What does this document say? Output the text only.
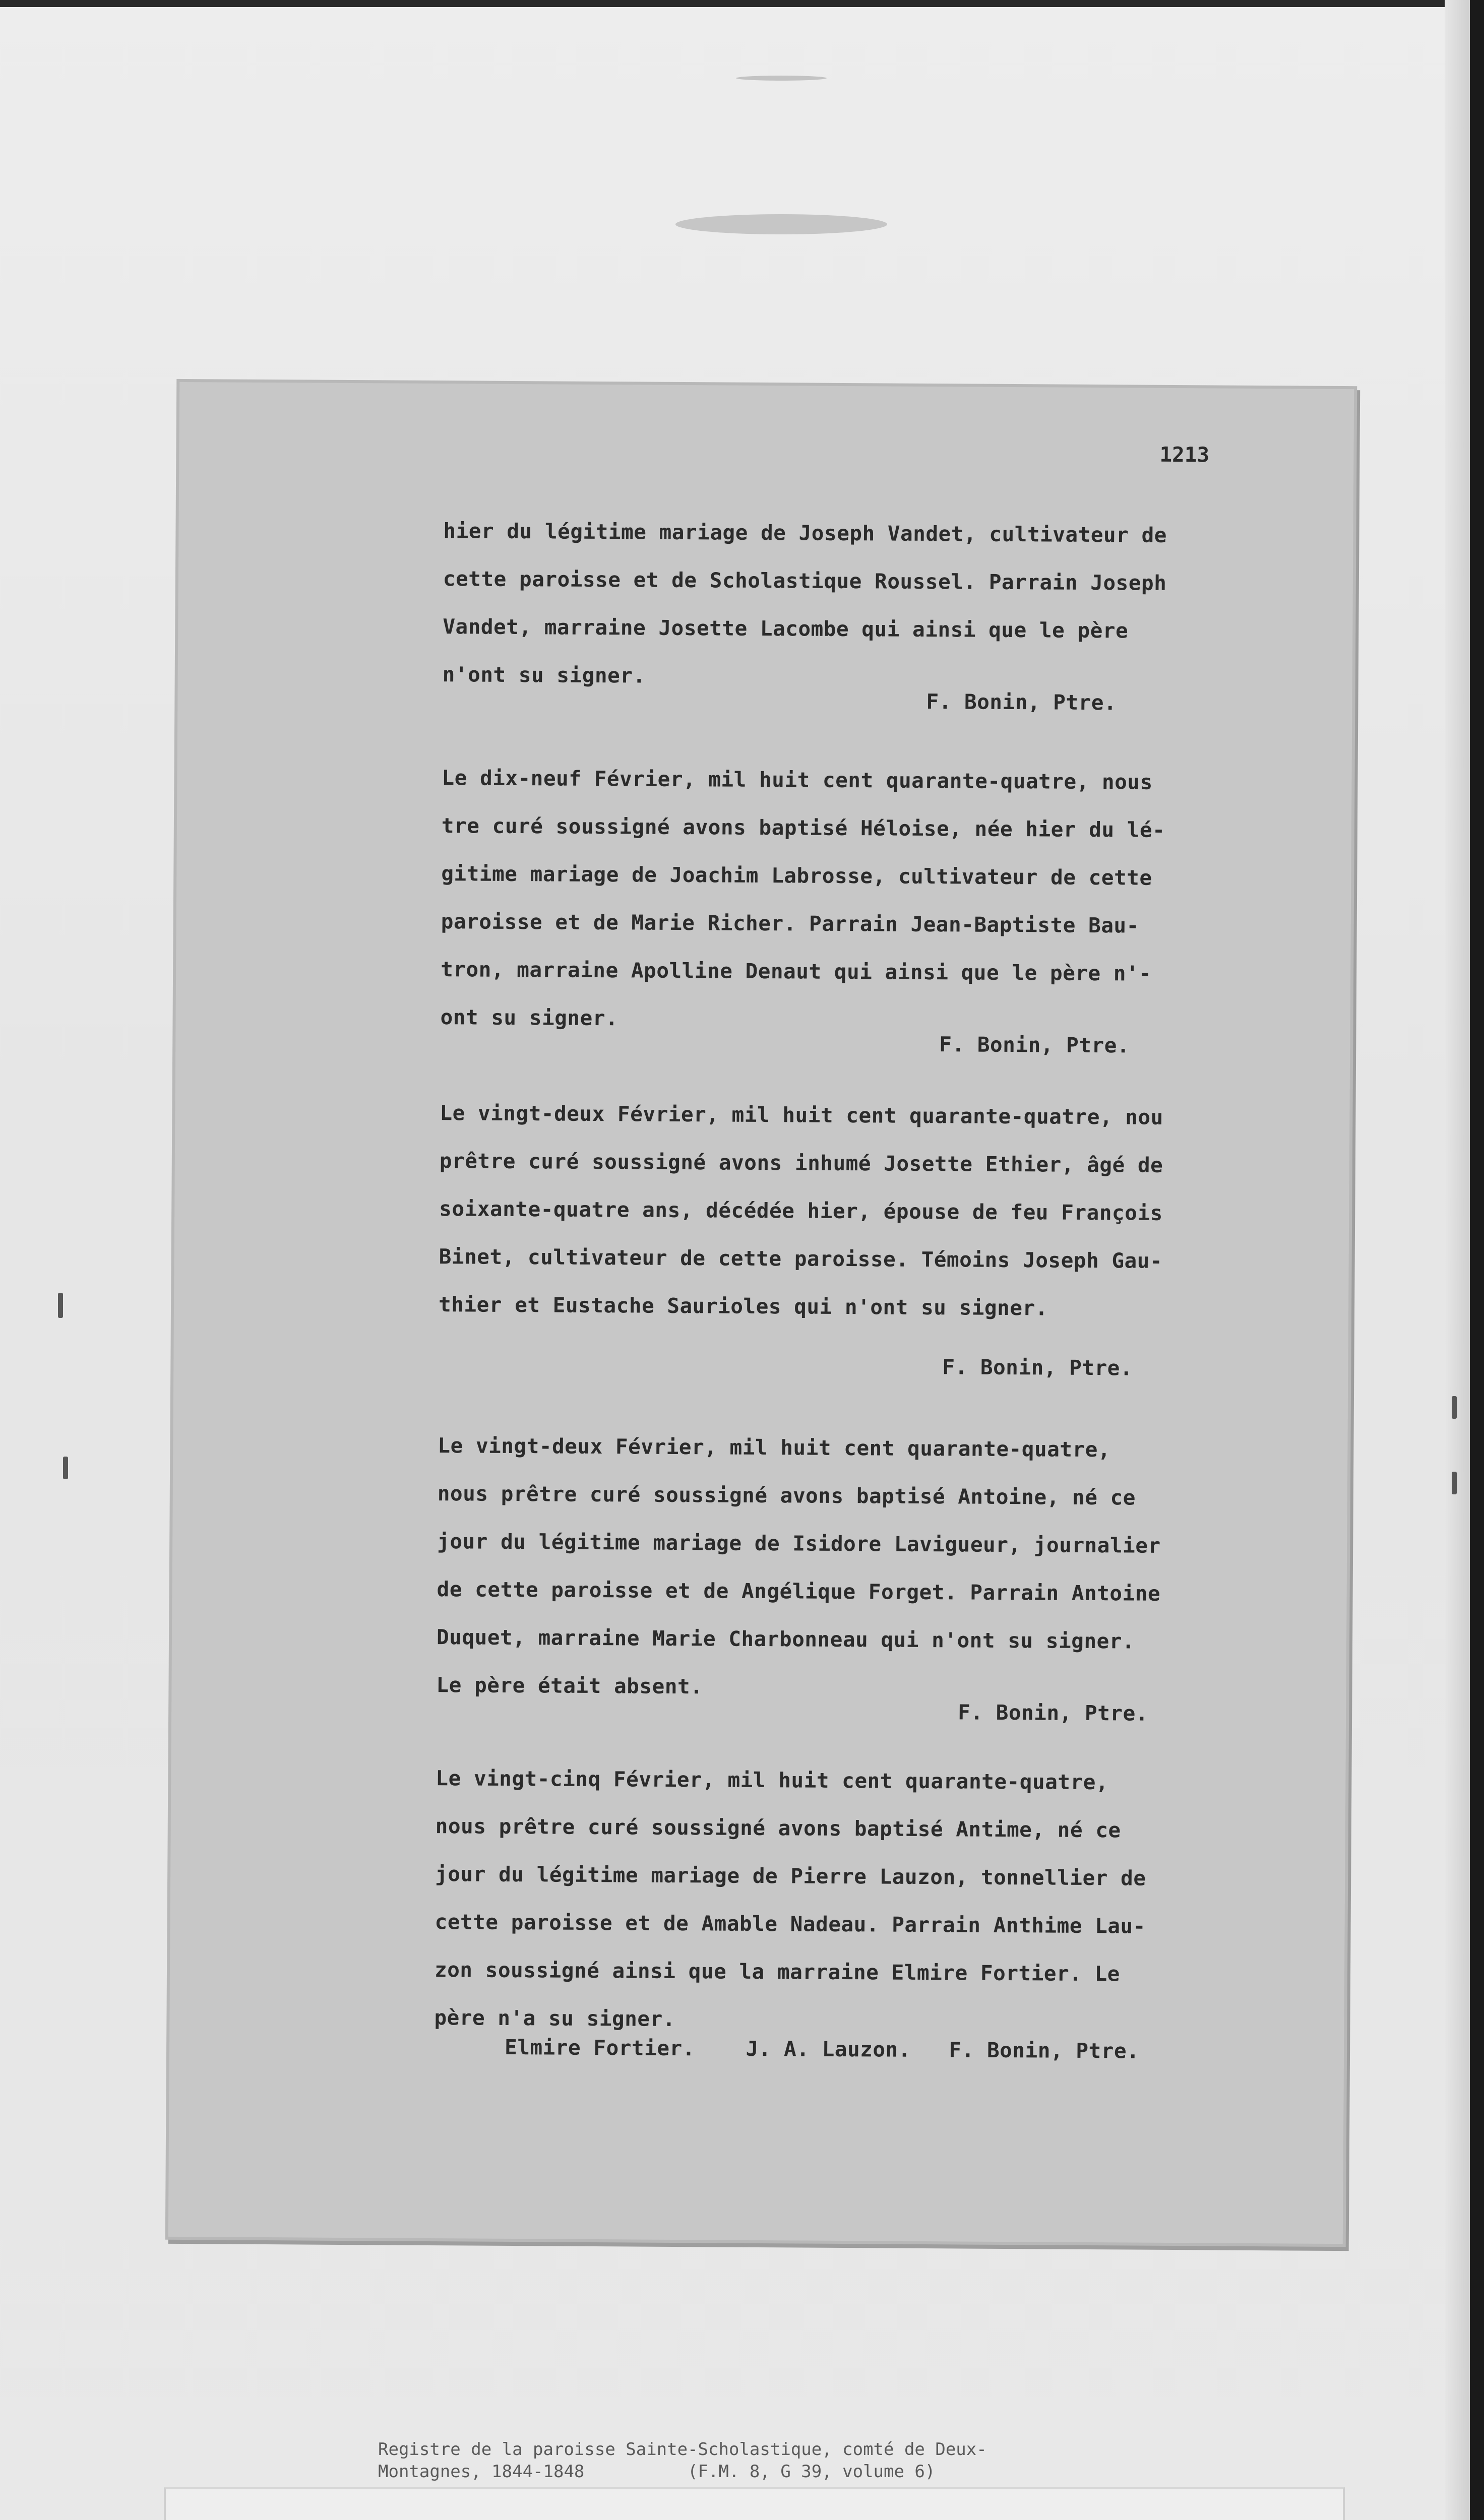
1213
hier du légitime mariage de Joseph Vandet, cultivateur de
cette paroisse et de Scholastique Roussel. Parrain Joseph
Vandet, marraine Josette Lacombe qui ainsi que le père
n'ont su signer.
F. Bonin, Ptre.
Le dix-neuf Février, mil huit cent quarante-quatre, nous
tre curé soussigné avons baptisé Héloise, née hier du lé-
gitime mariage de Joachim Labrosse, cultivateur de cette
paroisse et de Marie Richer. Parrain Jean-Baptiste Bau-
tron, marraine Apolline Denaut qui ainsi que le père n'-
ont su signer.
F. Bonin, Ptre.
Le vingt-deux Février, mil huit cent quarante-quatre, nou
prêtre curé soussigné avons inhumé Josette Ethier, âgé de
soixante-quatre ans, décédée hier, épouse de feu François
Binet, cultivateur de cette paroisse. Témoins Joseph Gau-
thier et Eustache Saurioles qui n'ont su signer.
F. Bonin, Ptre.
Le vingt-deux Février, mil huit cent quarante-quatre,
nous prêtre curé soussigné avons baptisé Antoine, né ce
jour du légitime mariage de Isidore Lavigueur, journalier
de cette paroisse et de Angélique Forget. Parrain Antoine
Duquet, marraine Marie Charbonneau qui n'ont su signer.
Le père était absent.
F. Bonin, Ptre.
Le vingt-cinq Février, mil huit cent quarante-quatre,
nous prêtre curé soussigné avons baptisé Antime, né ce
jour du légitime mariage de Pierre Lauzon, tonnellier de
cette paroisse et de Amable Nadeau. Parrain Anthime Lau-
zon soussigné ainsi que la marraine Elmire Fortier. Le
père n'a su signer.
Elmire Fortier.    J. A. Lauzon.   F. Bonin, Ptre.
Registre de la paroisse Sainte-Scholastique, comté de Deux-
Montagnes, 1844-1848          (F.M. 8, G 39, volume 6)
